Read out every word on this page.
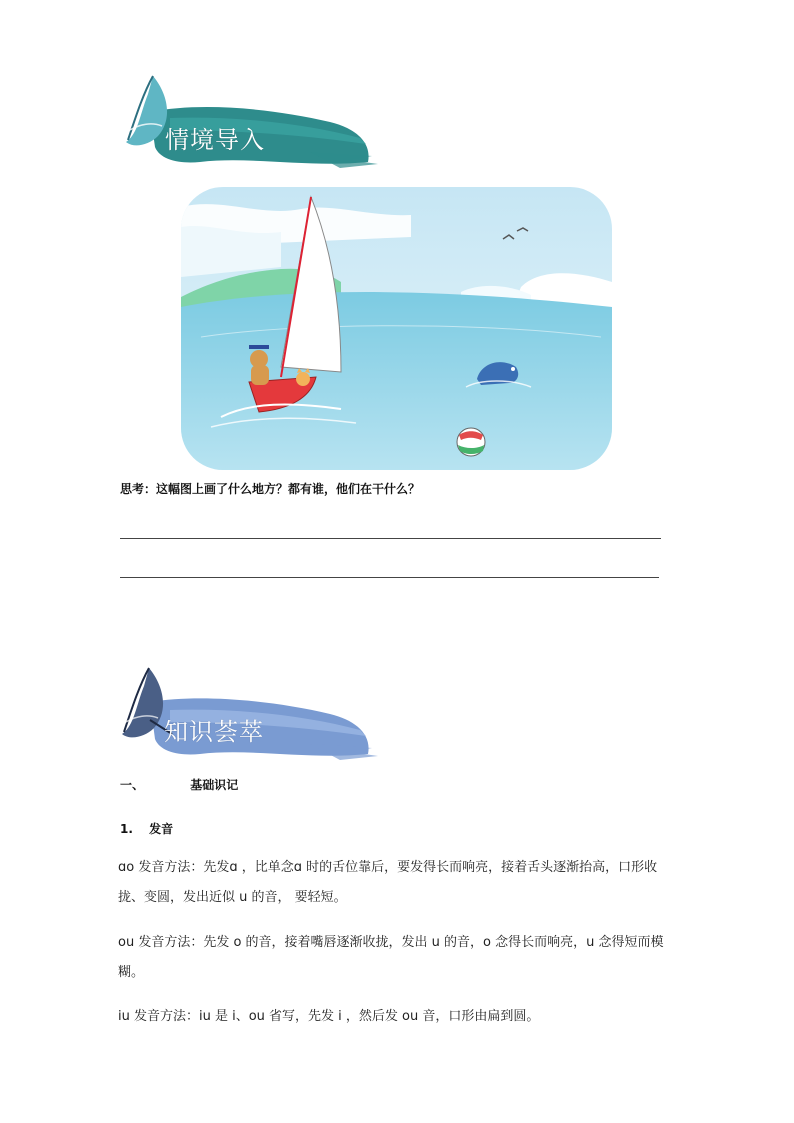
情境导入
思考：这幅图上画了什么地方？都有谁，他们在干什么？
知识荟萃
一、	基础识记
1. 发音
ɑo 发音方法：先发ɑ ，比单念ɑ 时的舌位靠后，要发得长而响亮，接着舌头逐渐抬高，口形收拢、变圆，发出近似 u 的音， 要轻短。
ou 发音方法：先发 o 的音，接着嘴唇逐渐收拢，发出 u 的音，o 念得长而响亮，u 念得短而模糊。
iu 发音方法：iu 是 i、ou 省写，先发 i ，然后发 ou 音，口形由扁到圆。
